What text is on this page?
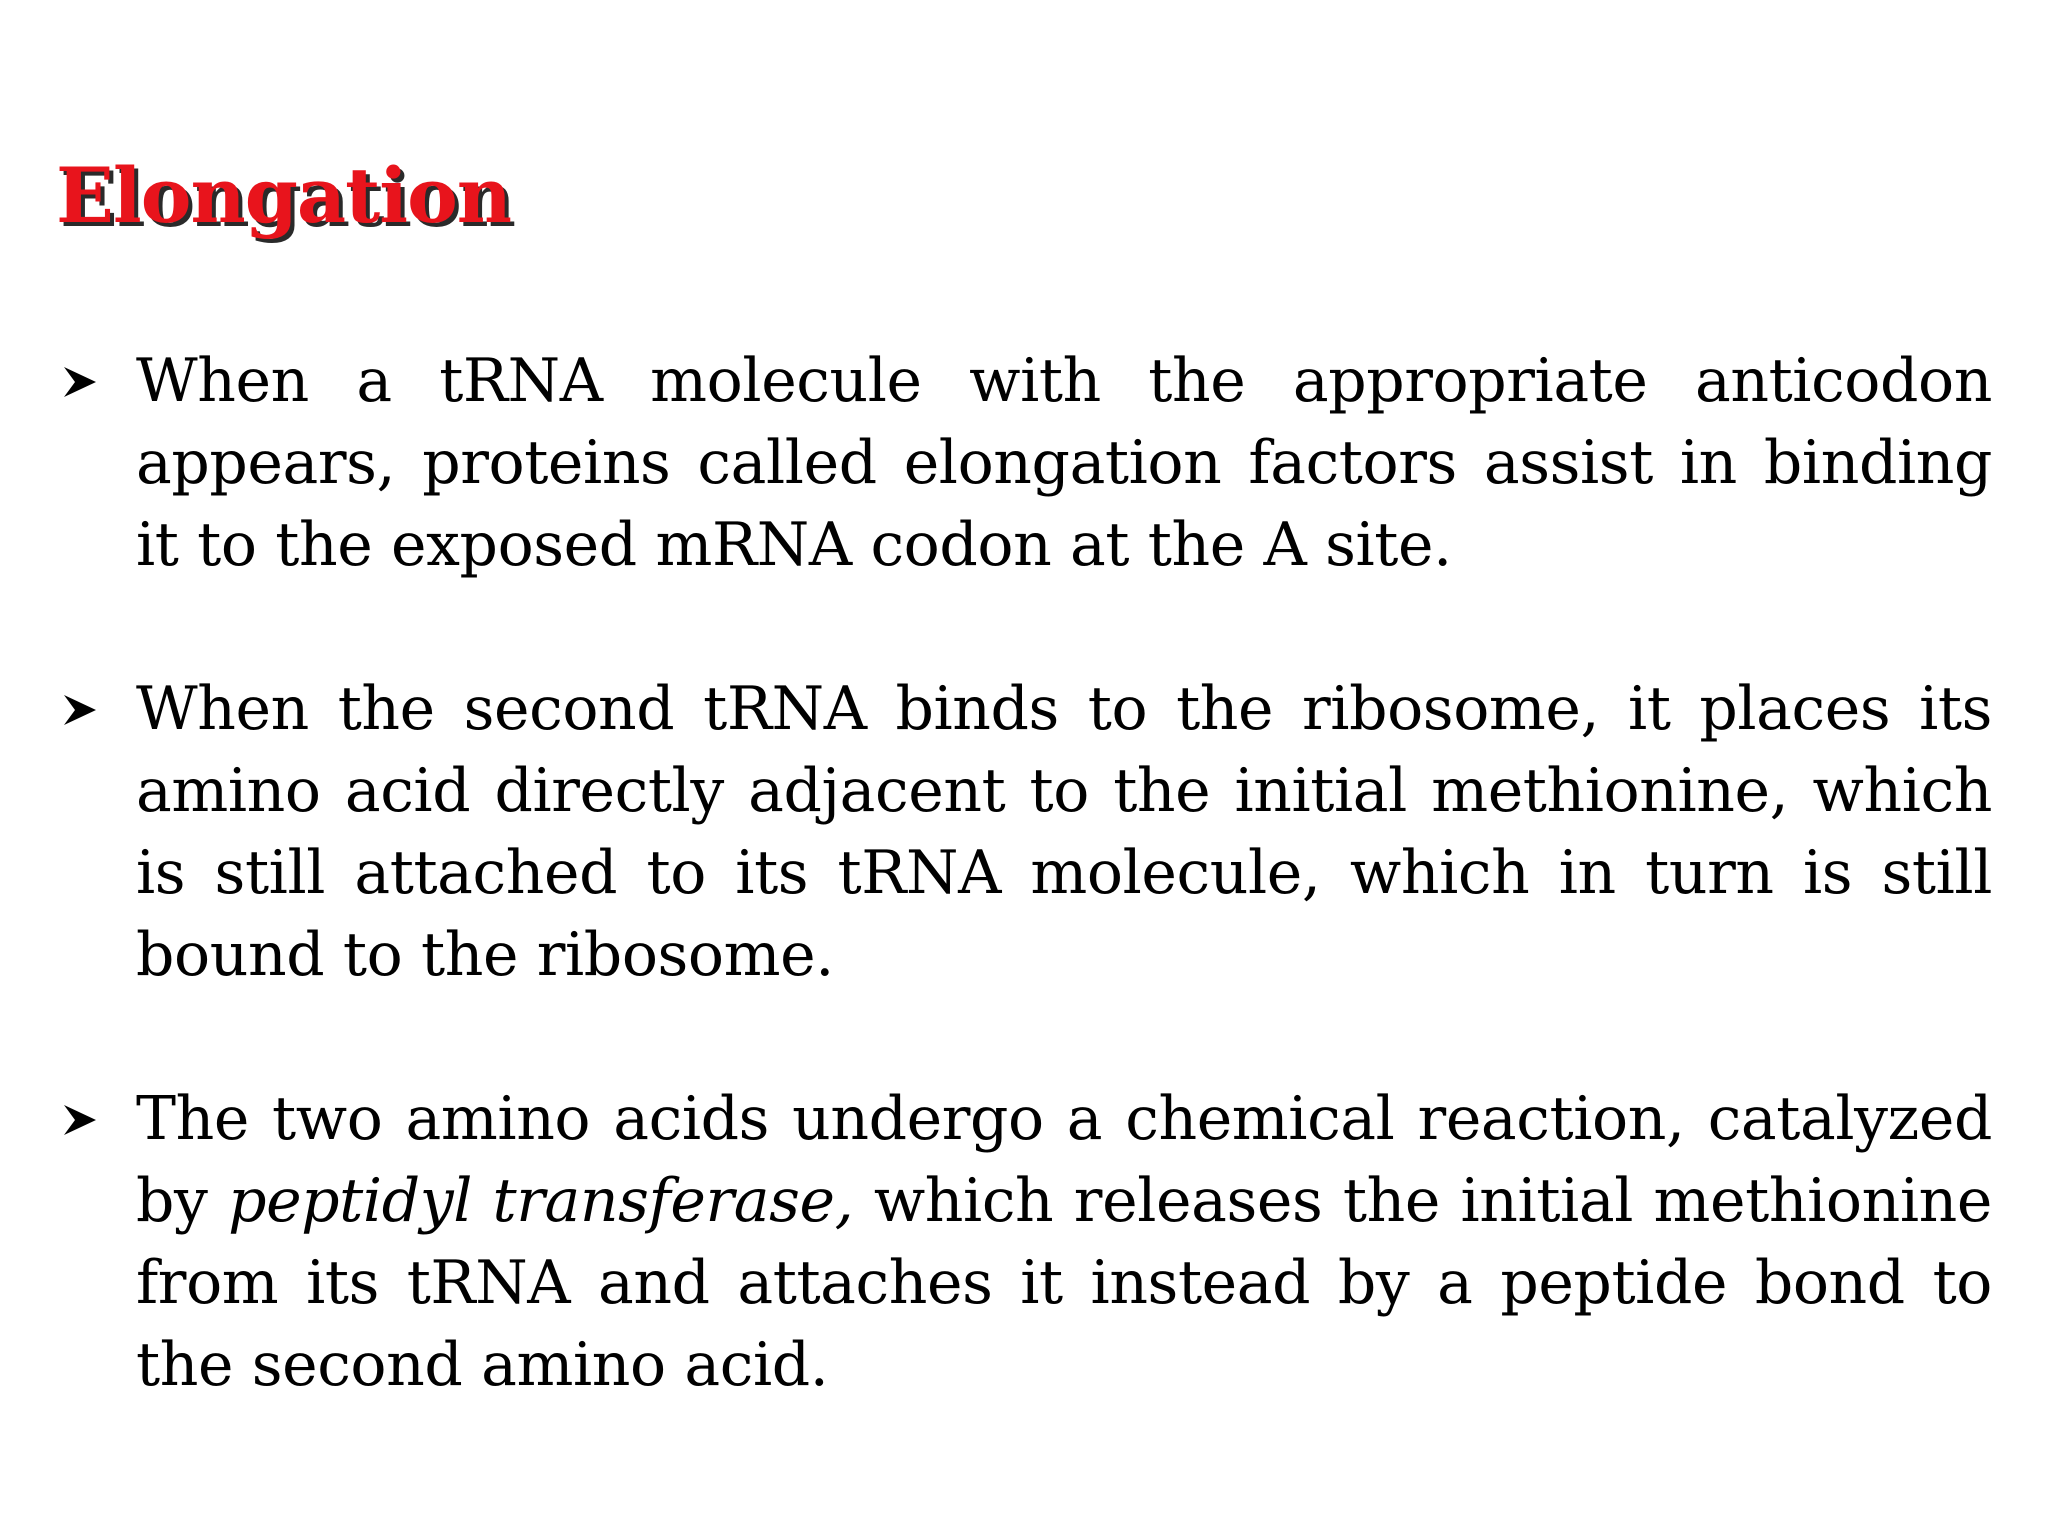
Elongation
When a tRNA molecule with the appropriate anticodon appears, proteins called elongation factors assist in binding it to the exposed mRNA codon at the A site.
When the second tRNA binds to the ribosome, it places its amino acid directly adjacent to the initial methionine, which is still attached to its tRNA molecule, which in turn is still bound to the ribosome.
The two amino acids undergo a chemical reaction, catalyzed by peptidyl transferase, which releases the initial methionine from its tRNA and attaches it instead by a peptide bond to the second amino acid.
